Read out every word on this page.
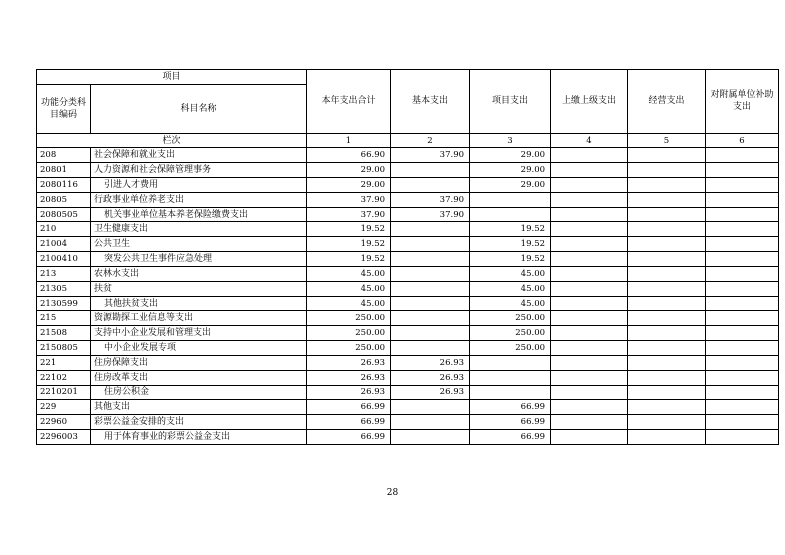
项目		本年支出合计	基本支出	项目支出	上缴上级支出	经营支出	对附属单位补助支出
功能分类科目编码	科目名称						
栏次		1	2	3	4	5	6
208	社会保障和就业支出	66.90	37.90	29.00			
20801	人力资源和社会保障管理事务	29.00		29.00			
2080116	引进人才费用	29.00		29.00			
20805	行政事业单位养老支出	37.90	37.90				
2080505	机关事业单位基本养老保险缴费支出	37.90	37.90				
210	卫生健康支出	19.52		19.52			
21004	公共卫生	19.52		19.52			
2100410	突发公共卫生事件应急处理	19.52		19.52			
213	农林水支出	45.00		45.00			
21305	扶贫	45.00		45.00			
2130599	其他扶贫支出	45.00		45.00			
215	资源勘探工业信息等支出	250.00		250.00			
21508	支持中小企业发展和管理支出	250.00		250.00			
2150805	中小企业发展专项	250.00		250.00			
221	住房保障支出	26.93	26.93				
22102	住房改革支出	26.93	26.93				
2210201	住房公积金	26.93	26.93				
229	其他支出	66.99		66.99			
22960	彩票公益金安排的支出	66.99		66.99			
2296003	用于体育事业的彩票公益金支出	66.99		66.99			
28
